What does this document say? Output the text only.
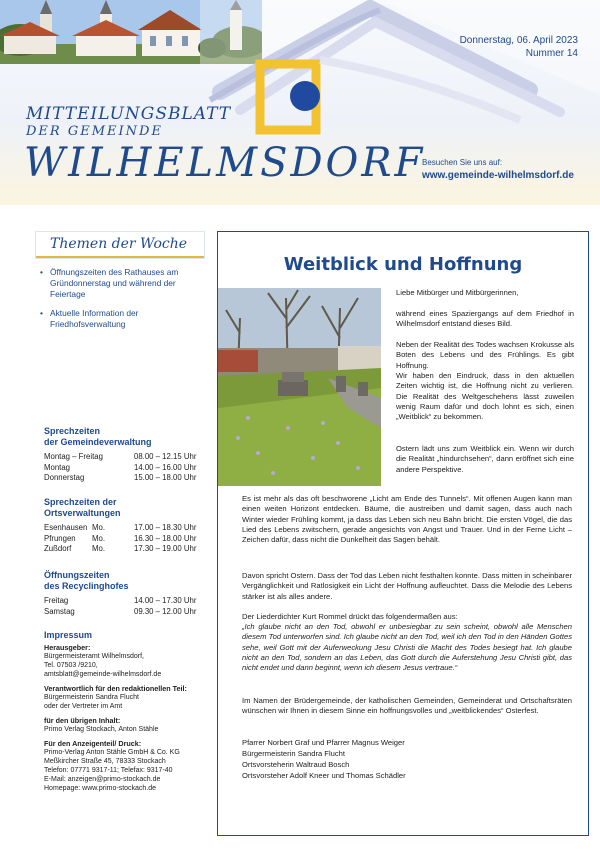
Donnerstag, 06. April 2023
Nummer 14
MITTEILUNGSBLATT
DER GEMEINDE
WILHELMSDORF
Besuchen Sie uns auf:
www.gemeinde-wilhelmsdorf.de
Themen der Woche
• Öffnungszeiten des Rathauses am Gründonnerstag und während der Feiertage
• Aktuelle Information der Friedhofsverwaltung
Sprechzeiten
der Gemeindeverwaltung
Montag – Freitag	08.00 – 12.15 Uhr
Montag	14.00 – 16.00 Uhr
Donnerstag	15.00 – 18.00 Uhr
Sprechzeiten der
Ortsverwaltungen
Esenhausen Mo.	17.00 – 18.30 Uhr
Pfrungen	Mo.	16.30 – 18.00 Uhr
Zußdorf	Mo.	17.30 – 19.00 Uhr
Öffnungszeiten
des Recyclinghofes
Freitag	14.00 – 17.30 Uhr
Samstag	09.30 – 12.00 Uhr
Impressum
Herausgeber:
Bürgermeisteramt Wilhelmsdorf,
Tel. 07503 /9210,
amtsblatt@gemeinde-wilhelmsdorf.de
Verantwortlich für den redaktionellen Teil:
Bürgermeisterin Sandra Flucht
oder der Vertreter im Amt
für den übrigen Inhalt:
Primo Verlag Stockach, Anton Stähle
Für den Anzeigenteil/ Druck:
Primo-Verlag Anton Stähle GmbH & Co. KG
Meßkircher Straße 45, 78333 Stockach
Telefon: 07771 9317-11; Telefax: 9317-40
E-Mail: anzeigen@primo-stockach.de
Homepage: www.primo-stockach.de
Weitblick und Hoffnung
Liebe Mitbürger und Mitbürgerinnen,
während eines Spaziergangs auf dem Friedhof in Wilhelmsdorf entstand dieses Bild.
Neben der Realität des Todes wachsen Krokusse als Boten des Lebens und des Frühlings. Es gibt Hoffnung.
Wir haben den Eindruck, dass in den aktuellen Zeiten wichtig ist, die Hoffnung nicht zu verlieren. Die Realität des Weltgeschehens lässt zuweilen wenig Raum dafür und doch lohnt es sich, einen „Weitblick“ zu bekommen.
Ostern lädt uns zum Weitblick ein. Wenn wir durch die Realität „hindurchsehen“, dann eröffnet sich eine andere Perspektive.
Es ist mehr als das oft beschworene „Licht am Ende des Tunnels“. Mit offenen Augen kann man einen weiten Horizont entdecken. Bäume, die austreiben und damit sagen, dass auch nach Winter wieder Frühling kommt, ja dass das Leben sich neu Bahn bricht. Die ersten Vögel, die das Lied des Lebens zwitschern, gerade angesichts von Angst und Trauer. Und in der Ferne Licht – Zeichen dafür, dass nicht die Dunkelheit das Sagen behält.
Davon spricht Ostern. Dass der Tod das Leben nicht festhalten konnte. Dass mitten in scheinbarer Vergänglichkeit und Ratlosigkeit ein Licht der Hoffnung aufleuchtet. Dass die Melodie des Lebens stärker ist als alles andere.
Der Liederdichter Kurt Rommel drückt das folgendermaßen aus:
„Ich glaube nicht an den Tod, obwohl er unbesiegbar zu sein scheint, obwohl alle Menschen diesem Tod unterworfen sind. Ich glaube nicht an den Tod, weil ich den Tod in den Händen Gottes sehe, weil Gott mit der Auferweckung Jesu Christi die Macht des Todes besiegt hat. Ich glaube nicht an den Tod, sondern an das Leben, das Gott durch die Auferstehung Jesu Christi gibt, das nicht endet und dann beginnt, wenn ich diesem Jesus vertraue.“
Im Namen der Brüdergemeinde, der katholischen Gemeinden, Gemeinderat und Ortschaftsräten wünschen wir Ihnen in diesem Sinne ein hoffnungsvolles und „weitblickendes“ Osterfest.
Pfarrer Norbert Graf und Pfarrer Magnus Weiger
Bürgermeisterin Sandra Flucht
Ortsvorsteherin Waltraud Bosch
Ortsvorsteher Adolf Kneer und Thomas Schädler
